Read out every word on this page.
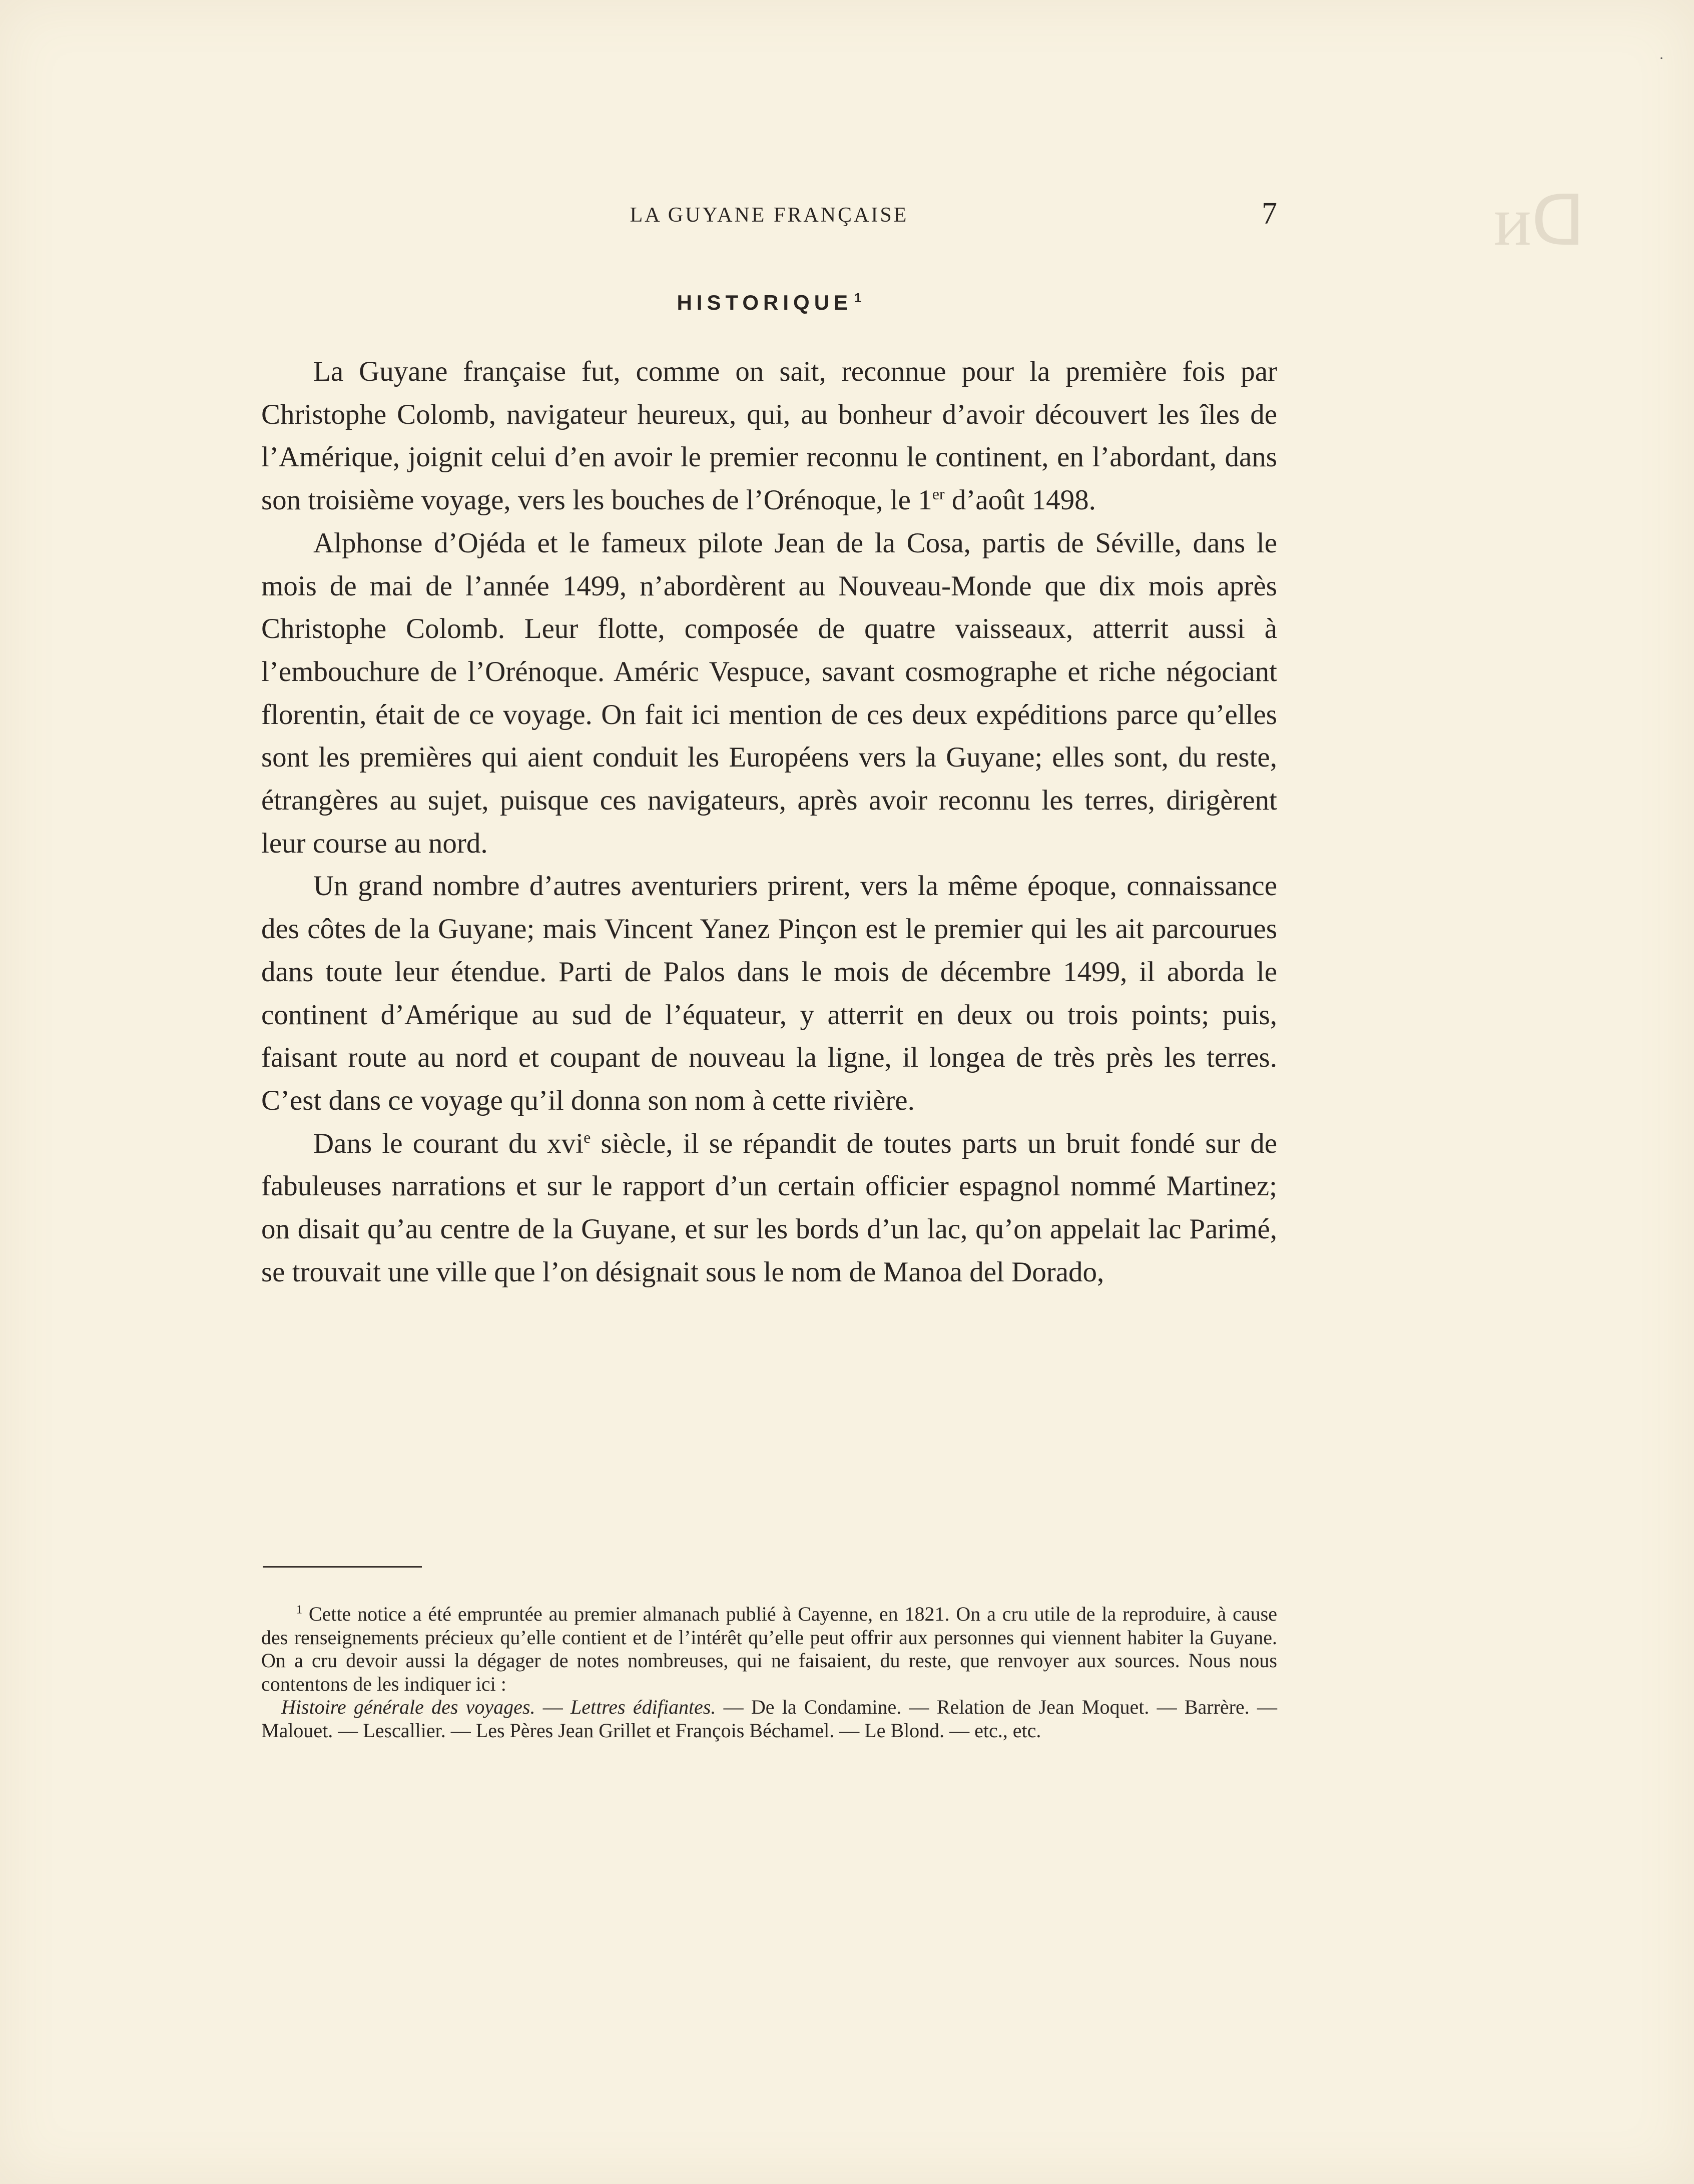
ᴎᗡ
LA GUYANE FRANÇAISE	7
HISTORIQUE $^1$

La Guyane française fut, comme on sait, reconnue pour la première fois par Christophe Colomb, navigateur heureux, qui, au bonheur d’avoir découvert les îles de l’Amérique, joignit celui d’en avoir le premier reconnu le continent, en l’abordant, dans son troisième voyage, vers les bouches de l’Orénoque, le 1er d’août 1498.

Alphonse d’Ojéda et le fameux pilote Jean de la Cosa, partis de Séville, dans le mois de mai de l’année 1499, n’abordèrent au Nouveau-Monde que dix mois après Christophe Colomb. Leur flotte, composée de quatre vaisseaux, atterrit aussi à l’embouchure de l’Orénoque. Améric Vespuce, savant cosmographe et riche négociant florentin, était de ce voyage. On fait ici mention de ces deux expéditions parce qu’elles sont les premières qui aient conduit les Européens vers la Guyane; elles sont, du reste, étrangères au sujet, puisque ces navigateurs, après avoir reconnu les terres, dirigèrent leur course au nord.

Un grand nombre d’autres aventuriers prirent, vers la même époque, connaissance des côtes de la Guyane; mais Vincent Yanez Pinçon est le premier qui les ait parcourues dans toute leur étendue. Parti de Palos dans le mois de décembre 1499, il aborda le continent d’Amérique au sud de l’équateur, y atterrit en deux ou trois points; puis, faisant route au nord et coupant de nouveau la ligne, il longea de très près les terres. C’est dans ce voyage qu’il donna son nom à cette rivière.

Dans le courant du xvi$^e$ siècle, il se répandit de toutes parts un bruit fondé sur de fabuleuses narrations et sur le rapport d’un certain officier espagnol nommé Martinez; on disait qu’au centre de la Guyane, et sur les bords d’un lac, qu’on appelait lac Parimé, se trouvait une ville que l’on désignait sous le nom de Manoa del Dorado,

$^1$ Cette notice a été empruntée au premier almanach publié à Cayenne, en 1821. On a cru utile de la reproduire, à cause des renseignements précieux qu’elle contient et de l’intérêt qu’elle peut offrir aux personnes qui viennent habiter la Guyane. On a cru devoir aussi la dégager de notes nombreuses, qui ne faisaient, du reste, que renvoyer aux sources. Nous nous contentons de les indiquer ici :

Histoire générale des voyages. — Lettres édifiantes. — De la Condamine. — Relation de Jean Moquet. — Barrère. — Malouet. — Lescallier. — Les Pères Jean Grillet et François Béchamel. — Le Blond. — etc., etc.

·
